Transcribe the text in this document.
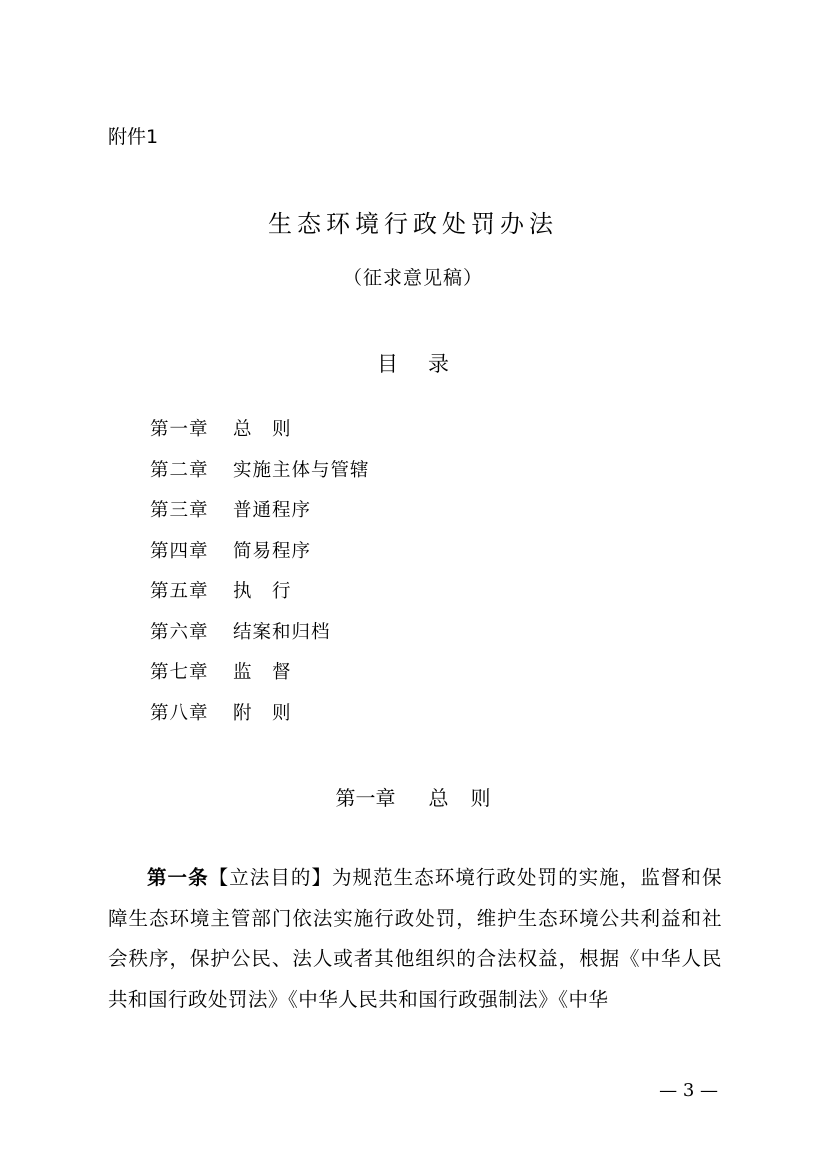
附件1
生态环境行政处罚办法
（征求意见稿）
目 录
第一章 总　则
第二章 实施主体与管辖
第三章 普通程序
第四章 简易程序
第五章 执　行
第六章 结案和归档
第七章 监　督
第八章 附　则
第一章 总 则

第一条【立法目的】为规范生态环境行政处罚的实施，监督和保障生态环境主管部门依法实施行政处罚，维护生态环境公共利益和社会秩序，保护公民、法人或者其他组织的合法权益，根据《中华人民共和国行政处罚法》《中华人民共和国行政强制法》《中华

— 3 —
